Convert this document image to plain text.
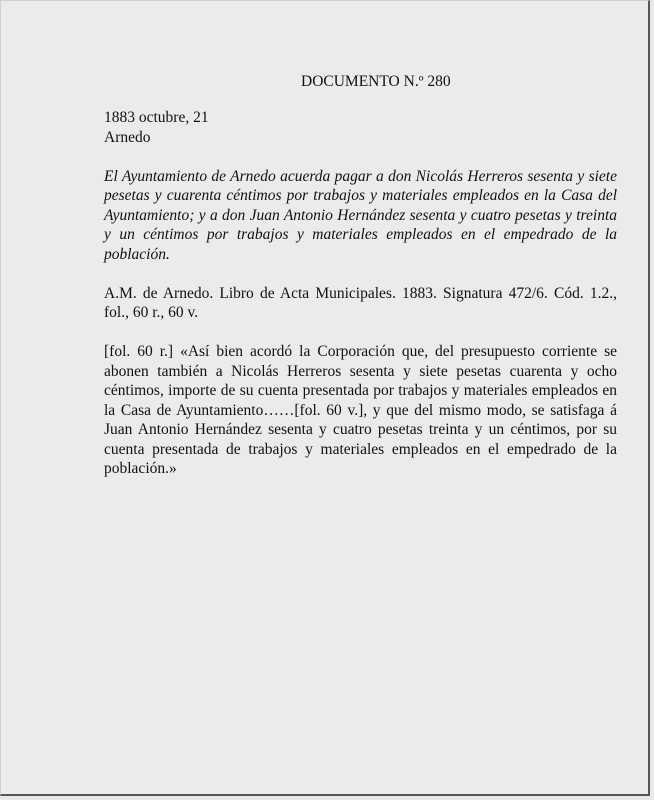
DOCUMENTO N.º 280

1883 octubre, 21

Arnedo

El Ayuntamiento de Arnedo acuerda pagar a don Nicolás Herreros sesenta y siete pesetas y cuarenta céntimos por trabajos y materiales empleados en la Casa del Ayuntamiento; y a don Juan Antonio Hernández sesenta y cuatro pesetas y treinta y un céntimos por trabajos y materiales empleados en el empedrado de la población.

A.M. de Arnedo. Libro de Acta Municipales. 1883. Signatura 472/6. Cód. 1.2., fol., 60 r., 60 v.

[fol. 60 r.] «Así bien acordó la Corporación que, del presupuesto corriente se abonen también a Nicolás Herreros sesenta y siete pesetas cuarenta y ocho céntimos, importe de su cuenta presentada por trabajos y materiales empleados en la Casa de Ayuntamiento……[fol. 60 v.], y que del mismo modo, se satisfaga á Juan Antonio Hernández sesenta y cuatro pesetas treinta y un céntimos, por su cuenta presentada de trabajos y materiales empleados en el empedrado de la población.»
